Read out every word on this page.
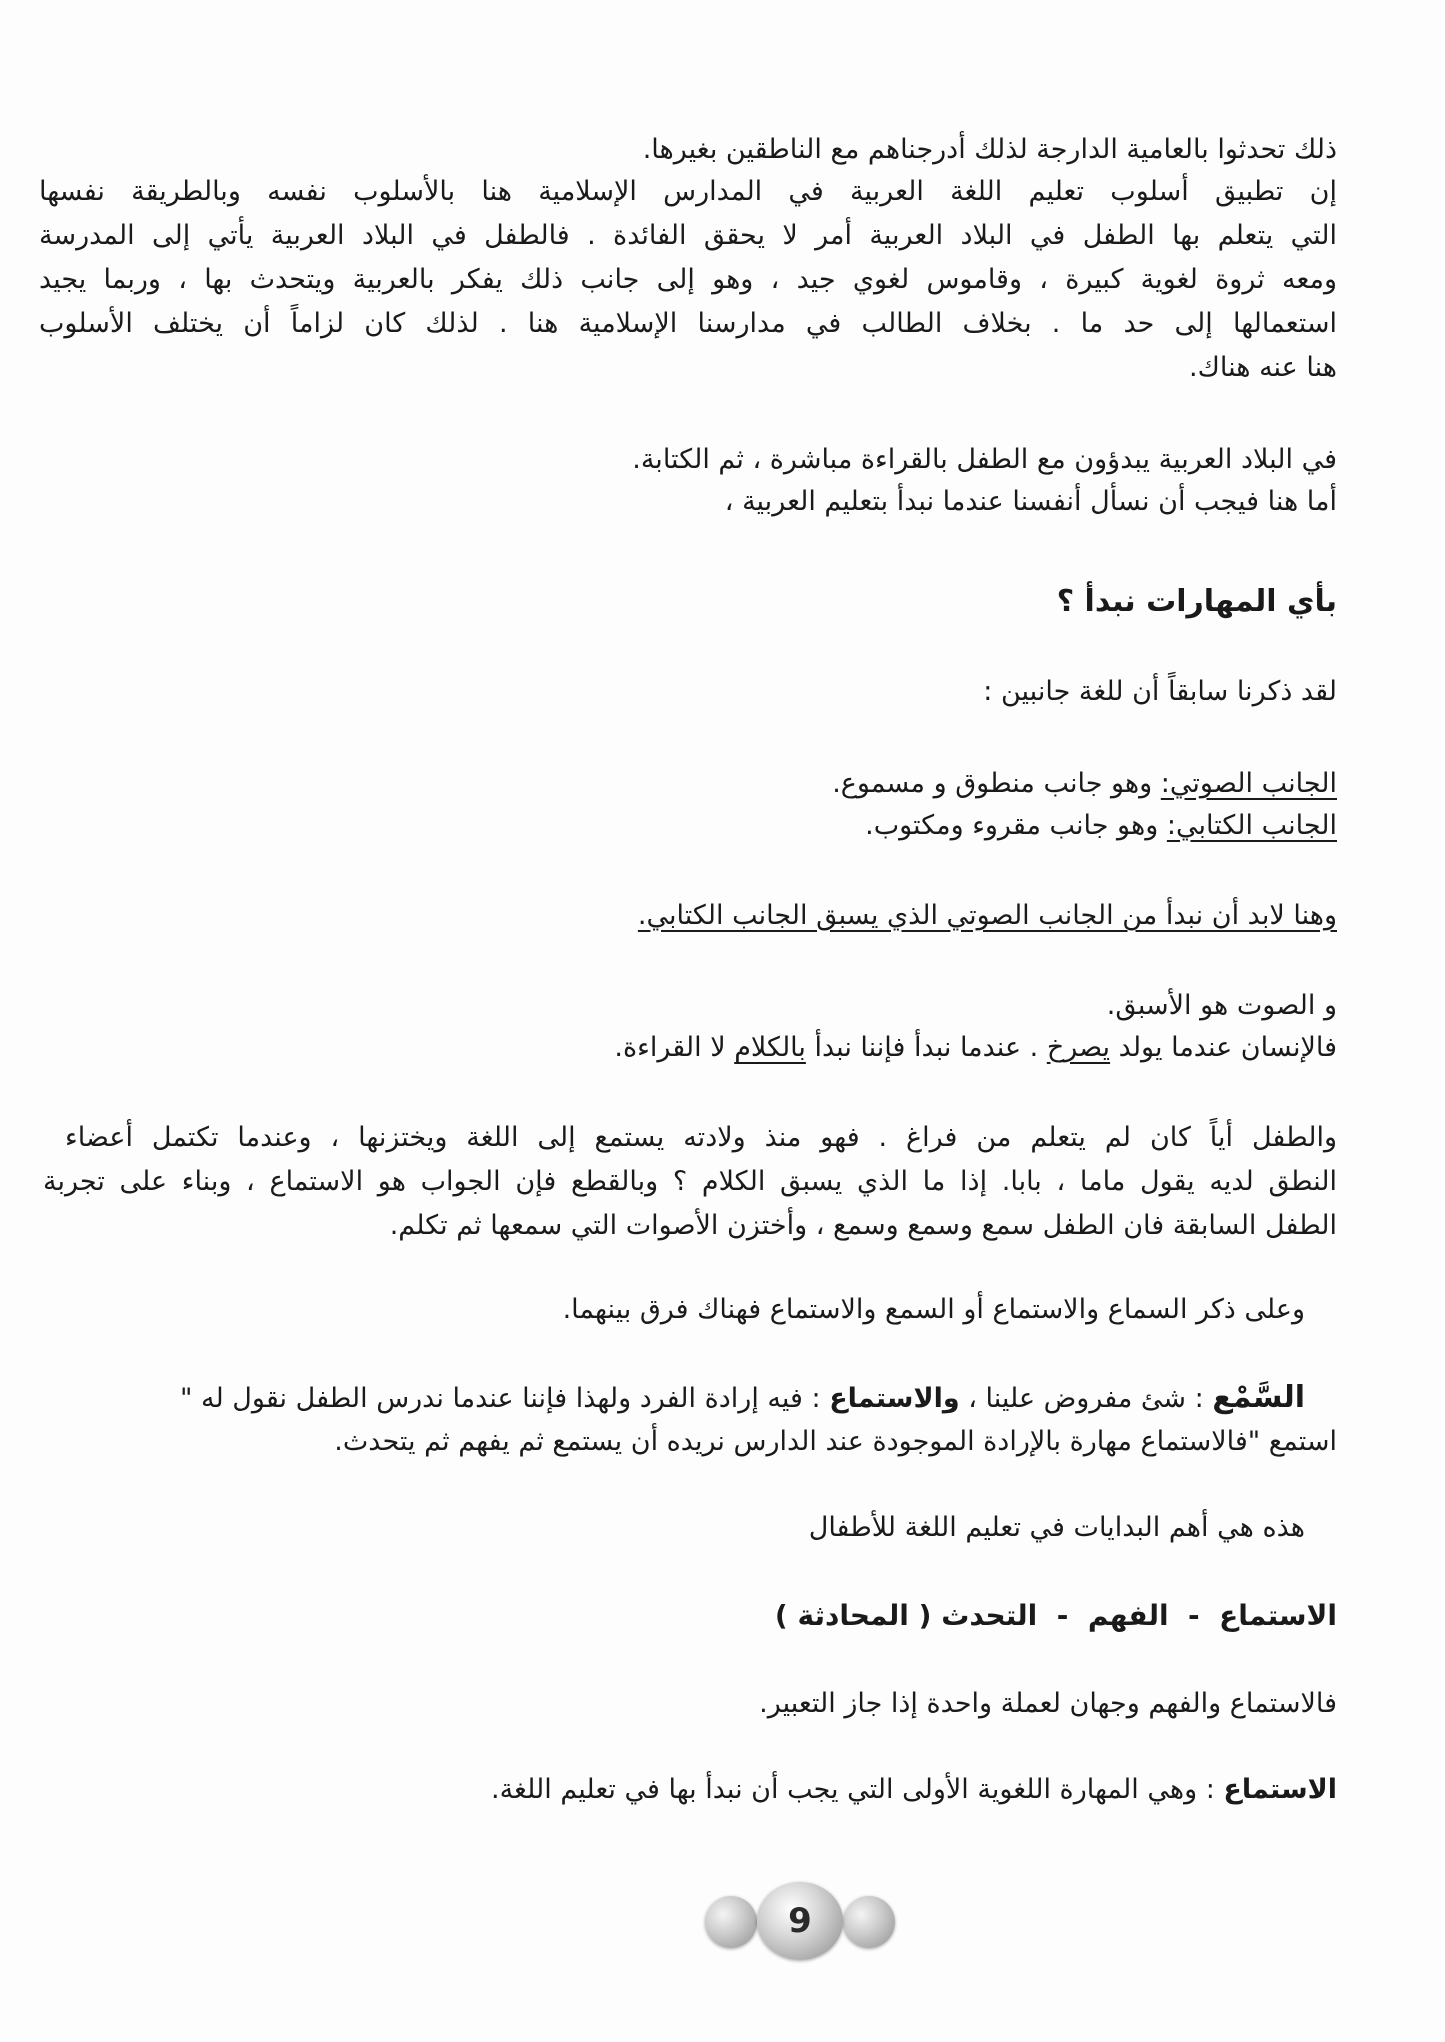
ذلك تحدثوا بالعامية الدارجة لذلك أدرجناهم مع الناطقين بغيرها.
إن تطبيق أسلوب تعليم اللغة العربية في المدارس الإسلامية هنا بالأسلوب نفسه وبالطريقة نفسها
التي يتعلم بها الطفل في البلاد العربية أمر لا يحقق الفائدة . فالطفل في البلاد العربية يأتي إلى المدرسة
ومعه ثروة لغوية كبيرة ، وقاموس لغوي جيد ، وهو إلى جانب ذلك يفكر بالعربية ويتحدث بها ، وربما يجيد
استعمالها إلى حد ما . بخلاف الطالب في مدارسنا الإسلامية هنا . لذلك كان لزاماً أن يختلف الأسلوب
هنا عنه هناك.
في البلاد العربية يبدؤون مع الطفل بالقراءة مباشرة ، ثم الكتابة.
أما هنا فيجب أن نسأل أنفسنا عندما نبدأ بتعليم العربية ،
بأي المهارات نبدأ ؟
لقد ذكرنا سابقاً أن للغة جانبين :
الجانب الصوتي: وهو جانب منطوق و مسموع.
الجانب الكتابي: وهو جانب مقروء ومكتوب.
وهنا لابد أن نبدأ من الجانب الصوتي الذي يسبق الجانب الكتابي.
و الصوت هو الأسبق.
فالإنسان عندما يولد يصرخ . عندما نبدأ فإننا نبدأ بالكلام لا القراءة.
والطفل أياً كان لم يتعلم من فراغ . فهو منذ ولادته يستمع إلى اللغة ويختزنها ، وعندما تكتمل أعضاء
النطق لديه يقول ماما ، بابا. إذا ما الذي يسبق الكلام ؟ وبالقطع فإن الجواب هو الاستماع ، وبناء على تجربة
الطفل السابقة فان الطفل سمع وسمع وسمع ، وأختزن الأصوات التي سمعها ثم تكلم.
وعلى ذكر السماع والاستماع أو السمع والاستماع فهناك فرق بينهما.
السَّمْع : شئ مفروض علينا ، والاستماع : فيه إرادة الفرد ولهذا فإننا عندما ندرس الطفل نقول له "
استمع "فالاستماع مهارة بالإرادة الموجودة عند الدارس نريده أن يستمع ثم يفهم ثم يتحدث.
هذه هي أهم البدايات في تعليم اللغة للأطفال
الاستماع  -  الفهم  -  التحدث ( المحادثة )
فالاستماع والفهم وجهان لعملة واحدة إذا جاز التعبير.
الاستماع : وهي المهارة اللغوية الأولى التي يجب أن نبدأ بها في تعليم اللغة.
9
